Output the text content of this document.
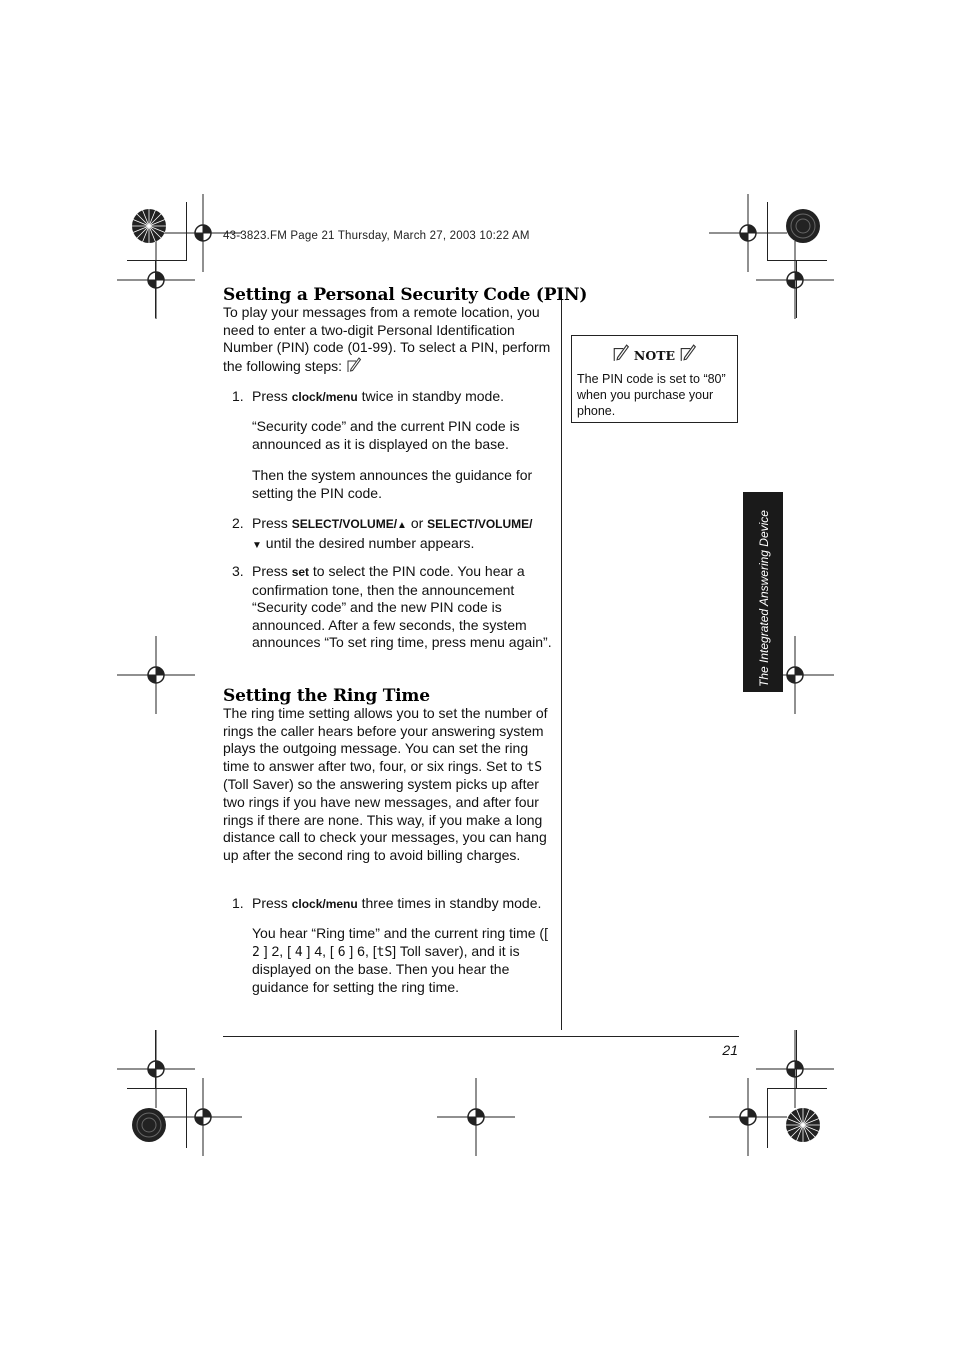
43-3823.FM Page 21 Thursday, March 27, 2003 10:22 AM
Setting a Personal Security Code (PIN)
To play your messages from a remote location, you need to enter a two-digit Personal Identification Number (PIN) code (01-99). To select a PIN, perform the following steps:
1. Press clock/menu twice in standby mode.
“Security code” and the current PIN code is announced as it is displayed on the base.
Then the system announces the guidance for setting the PIN code.
2. Press SELECT/VOLUME/▲ or SELECT/VOLUME/
▼ until the desired number appears.
3. Press set to select the PIN code. You hear a confirmation tone, then the announcement “Security code” and the new PIN code is announced. After a few seconds, the system announces “To set ring time, press menu again”.
Setting the Ring Time
The ring time setting allows you to set the number of rings the caller hears before your answering system plays the outgoing message. You can set the ring time to answer after two, four, or six rings. Set to tS (Toll Saver) so the answering system picks up after two rings if you have new messages, and after four rings if there are none. This way, if you make a long distance call to check your messages, you can hang up after the second ring to avoid billing charges.
1. Press clock/menu three times in standby mode.
You hear “Ring time” and the current ring time ([ 2 ] 2, [ 4 ] 4, [ 6 ] 6, [tS] Toll saver), and it is displayed on the base. Then you hear the guidance for setting the ring time.
NOTE
The PIN code is set to “80” when you purchase your phone.
The Integrated Answering Device
21
